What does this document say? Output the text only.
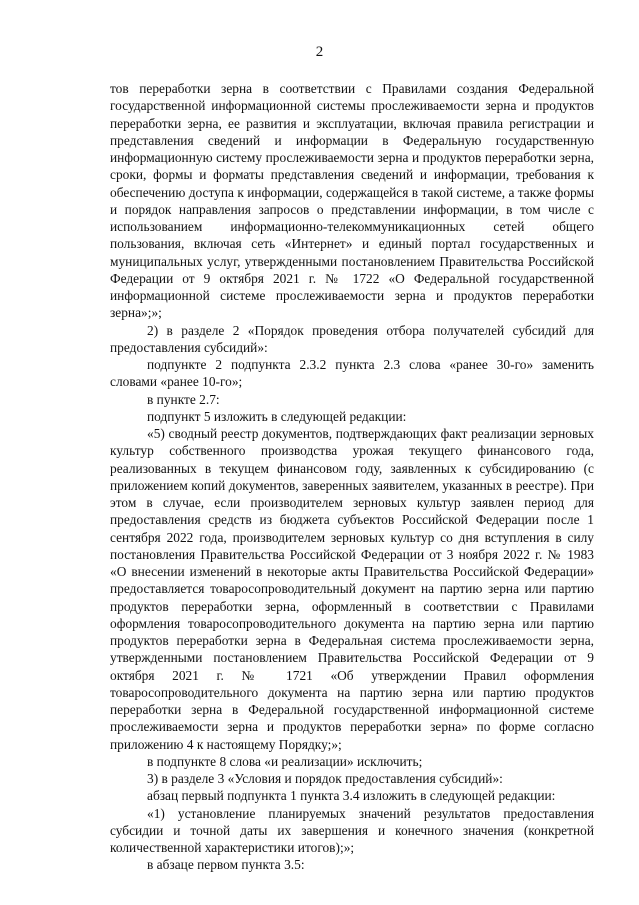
2

тов переработки зерна в соответствии с Правилами создания Федеральной государственной информационной системы прослеживаемости зерна и продуктов переработки зерна, ее развития и эксплуатации, включая правила регистрации и представления сведений и информации в Федеральную государственную информационную систему прослеживаемости зерна и продуктов переработки зерна, сроки, формы и форматы представления сведений и информации, требования к обеспечению доступа к информации, содержащейся в такой системе, а также формы и порядок направления запросов о представлении информации, в том числе с использованием информационно-телекоммуникационных сетей общего пользования, включая сеть «Интернет» и единый портал государственных и муниципальных услуг, утвержденными постановлением Правительства Российской Федерации от 9 октября 2021 г. № 1722 «О Федеральной государственной информационной системе прослеживаемости зерна и продуктов переработки зерна»;»;

2) в разделе 2 «Порядок проведения отбора получателей субсидий для предоставления субсидий»:

подпункте 2 подпункта 2.3.2 пункта 2.3 слова «ранее 30-го» заменить словами «ранее 10-го»;

в пункте 2.7:

подпункт 5 изложить в следующей редакции:

«5) сводный реестр документов, подтверждающих факт реализации зерновых культур собственного производства урожая текущего финансового года, реализованных в текущем финансовом году, заявленных к субсидированию (с приложением копий документов, заверенных заявителем, указанных в реестре). При этом в случае, если производителем зерновых культур заявлен период для предоставления средств из бюджета субъектов Российской Федерации после 1 сентября 2022 года, производителем зерновых культур со дня вступления в силу постановления Правительства Российской Федерации от 3 ноября 2022 г. № 1983 «О внесении изменений в некоторые акты Правительства Российской Федерации» предоставляется товаросопроводительный документ на партию зерна или партию продуктов переработки зерна, оформленный в соответствии с Правилами оформления товаросопроводительного документа на партию зерна или партию продуктов переработки зерна в Федеральная система прослеживаемости зерна, утвержденными постановлением Правительства Российской Федерации от 9 октября 2021 г. № 1721 «Об утверждении Правил оформления товаросопроводительного документа на партию зерна или партию продуктов переработки зерна в Федеральной государственной информационной системе прослеживаемости зерна и продуктов переработки зерна» по форме согласно приложению 4 к настоящему Порядку;»;

в подпункте 8 слова «и реализации» исключить;

3) в разделе 3 «Условия и порядок предоставления субсидий»:

абзац первый подпункта 1 пункта 3.4 изложить в следующей редакции:

«1) установление планируемых значений результатов предоставления субсидии и точной даты их завершения и конечного значения (конкретной количественной характеристики итогов);»;

в абзаце первом пункта 3.5:
